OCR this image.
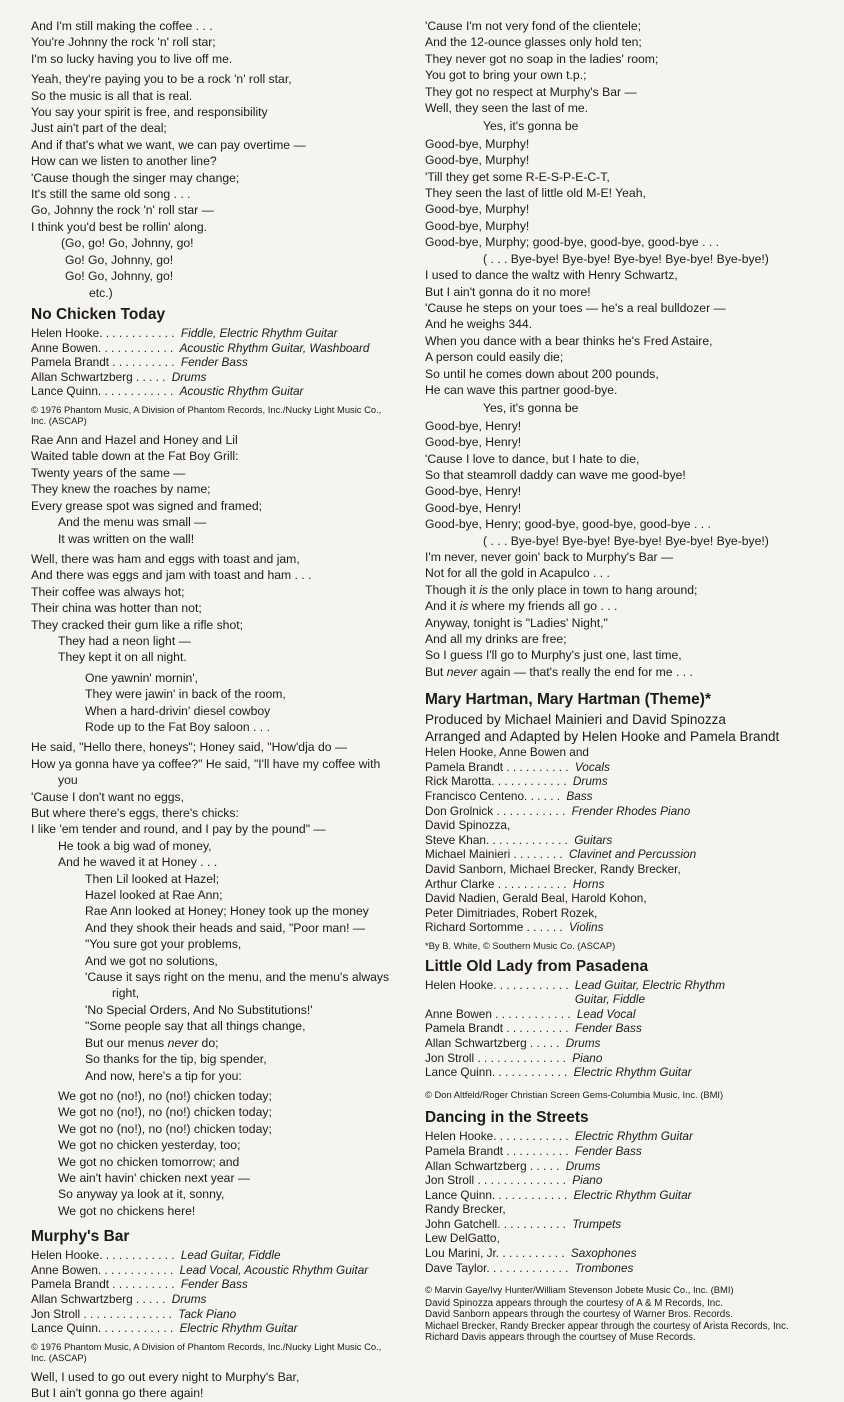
And I'm still making the coffee . . .
You're Johnny the rock 'n' roll star;
I'm so lucky having you to live off me.
Yeah, they're paying you to be a rock 'n' roll star,
So the music is all that is real.
You say your spirit is free, and responsibility
Just ain't part of the deal;
And if that's what we want, we can pay overtime —
How can we listen to another line?
'Cause though the singer may change;
It's still the same old song . . .
Go, Johnny the rock 'n' roll star —
I think you'd best be rollin' along.
(Go, go! Go, Johnny, go!
Go! Go, Johnny, go!
Go! Go, Johnny, go!
etc.)
No Chicken Today
Helen Hooke. . . . . . . . . . . . Fiddle, Electric Rhythm Guitar
Anne Bowen. . . . . . . . . . . . Acoustic Rhythm Guitar, Washboard
Pamela Brandt . . . . . . . . . . Fender Bass
Allan Schwartzberg . . . . . Drums
Lance Quinn. . . . . . . . . . . . Acoustic Rhythm Guitar
© 1976 Phantom Music, A Division of Phantom Records, Inc./Nucky Light Music Co., Inc. (ASCAP)
Rae Ann and Hazel and Honey and Lil
Waited table down at the Fat Boy Grill:
Twenty years of the same —
They knew the roaches by name;
Every grease spot was signed and framed;
And the menu was small —
It was written on the wall!
Well, there was ham and eggs with toast and jam,
And there was eggs and jam with toast and ham . . .
Their coffee was always hot;
Their china was hotter than not;
They cracked their gum like a rifle shot;
They had a neon light —
They kept it on all night.
One yawnin' mornin',
They were jawin' in back of the room,
When a hard-drivin' diesel cowboy
Rode up to the Fat Boy saloon . . .
He said, "Hello there, honeys"; Honey said, "How'dja do —
How ya gonna have ya coffee?" He said, "I'll have my coffee with you
'Cause I don't want no eggs,
But where there's eggs, there's chicks:
I like 'em tender and round, and I pay by the pound" —
He took a big wad of money,
And he waved it at Honey . . .
Then Lil looked at Hazel;
Hazel looked at Rae Ann;
Rae Ann looked at Honey; Honey took up the money
And they shook their heads and said, "Poor man! —
"You sure got your problems,
And we got no solutions,
'Cause it says right on the menu, and the menu's always right,
'No Special Orders, And No Substitutions!'
"Some people say that all things change,
But our menus never do;
So thanks for the tip, big spender,
And now, here's a tip for you:
We got no (no!), no (no!) chicken today;
We got no (no!), no (no!) chicken today;
We got no (no!), no (no!) chicken today;
We got no chicken yesterday, too;
We got no chicken tomorrow; and
We ain't havin' chicken next year —
So anyway ya look at it, sonny,
We got no chickens here!
Murphy's Bar
Helen Hooke. . . . . . . . . . . . Lead Guitar, Fiddle
Anne Bowen. . . . . . . . . . . . Lead Vocal, Acoustic Rhythm Guitar
Pamela Brandt . . . . . . . . . . Fender Bass
Allan Schwartzberg . . . . . Drums
Jon Stroll . . . . . . . . . . . . . . Tack Piano
Lance Quinn. . . . . . . . . . . . Electric Rhythm Guitar
© 1976 Phantom Music, A Division of Phantom Records, Inc./Nucky Light Music Co., Inc. (ASCAP)
Well, I used to go out every night to Murphy's Bar,
But I ain't gonna go there again!
'Cause I'm not very fond of the clientele;
And the 12-ounce glasses only hold ten;
They never got no soap in the ladies' room;
You got to bring your own t.p.;
They got no respect at Murphy's Bar —
Well, they seen the last of me.
Yes, it's gonna be
Good-bye, Murphy!
Good-bye, Murphy!
'Till they get some R-E-S-P-E-C-T,
They seen the last of little old M-E! Yeah,
Good-bye, Murphy!
Good-bye, Murphy!
Good-bye, Murphy; good-bye, good-bye, good-bye . . .
( . . . Bye-bye! Bye-bye! Bye-bye! Bye-bye! Bye-bye!)
I used to dance the waltz with Henry Schwartz,
But I ain't gonna do it no more!
'Cause he steps on your toes — he's a real bulldozer —
And he weighs 344.
When you dance with a bear thinks he's Fred Astaire,
A person could easily die;
So until he comes down about 200 pounds,
He can wave this partner good-bye.
Yes, it's gonna be
Good-bye, Henry!
Good-bye, Henry!
'Cause I love to dance, but I hate to die,
So that steamroll daddy can wave me good-bye!
Good-bye, Henry!
Good-bye, Henry!
Good-bye, Henry; good-bye, good-bye, good-bye . . .
( . . . Bye-bye! Bye-bye! Bye-bye! Bye-bye! Bye-bye!)
I'm never, never goin' back to Murphy's Bar —
Not for all the gold in Acapulco . . .
Though it is the only place in town to hang around;
And it is where my friends all go . . .
Anyway, tonight is "Ladies' Night,"
And all my drinks are free;
So I guess I'll go to Murphy's just one, last time,
But never again — that's really the end for me . . .
Mary Hartman, Mary Hartman (Theme)*
Produced by Michael Mainieri and David Spinozza
Arranged and Adapted by Helen Hooke and Pamela Brandt
Helen Hooke, Anne Bowen and
Pamela Brandt . . . . . . . . . . Vocals
Rick Marotta. . . . . . . . . . . . Drums
Francisco Centeno. . . . . . Bass
Don Grolnick . . . . . . . . . . . Frender Rhodes Piano
David Spinozza,
Steve Khan. . . . . . . . . . . . . Guitars
Michael Mainieri . . . . . . . . Clavinet and Percussion
David Sanborn, Michael Brecker, Randy Brecker,
Arthur Clarke . . . . . . . . . . . Horns
David Nadien, Gerald Beal, Harold Kohon,
Peter Dimitriades, Robert Rozek,
Richard Sortomme . . . . . . Violins
*By B. White, © Southern Music Co. (ASCAP)
Little Old Lady from Pasadena
Helen Hooke. . . . . . . . . . . . Lead Guitar, Electric Rhythm Guitar, Fiddle
Anne Bowen . . . . . . . . . . . . Lead Vocal
Pamela Brandt . . . . . . . . . . Fender Bass
Allan Schwartzberg . . . . . Drums
Jon Stroll . . . . . . . . . . . . . . Piano
Lance Quinn. . . . . . . . . . . . Electric Rhythm Guitar
© Don Altfeld/Roger Christian Screen Gems-Columbia Music, Inc. (BMI)
Dancing in the Streets
Helen Hooke. . . . . . . . . . . . Electric Rhythm Guitar
Pamela Brandt . . . . . . . . . . Fender Bass
Allan Schwartzberg . . . . . Drums
Jon Stroll . . . . . . . . . . . . . . Piano
Lance Quinn. . . . . . . . . . . . Electric Rhythm Guitar
Randy Brecker,
John Gatchell. . . . . . . . . . . Trumpets
Lew DelGatto,
Lou Marini, Jr. . . . . . . . . . . Saxophones
Dave Taylor. . . . . . . . . . . . . Trombones
© Marvin Gaye/Ivy Hunter/William Stevenson Jobete Music Co., Inc. (BMI)
David Spinozza appears through the courtesy of A & M Records, Inc.
David Sanborn appears through the courtesy of Warner Bros. Records.
Michael Brecker, Randy Brecker appear through the courtesy of Arista Records, Inc.
Richard Davis appears through the courtsey of Muse Records.
